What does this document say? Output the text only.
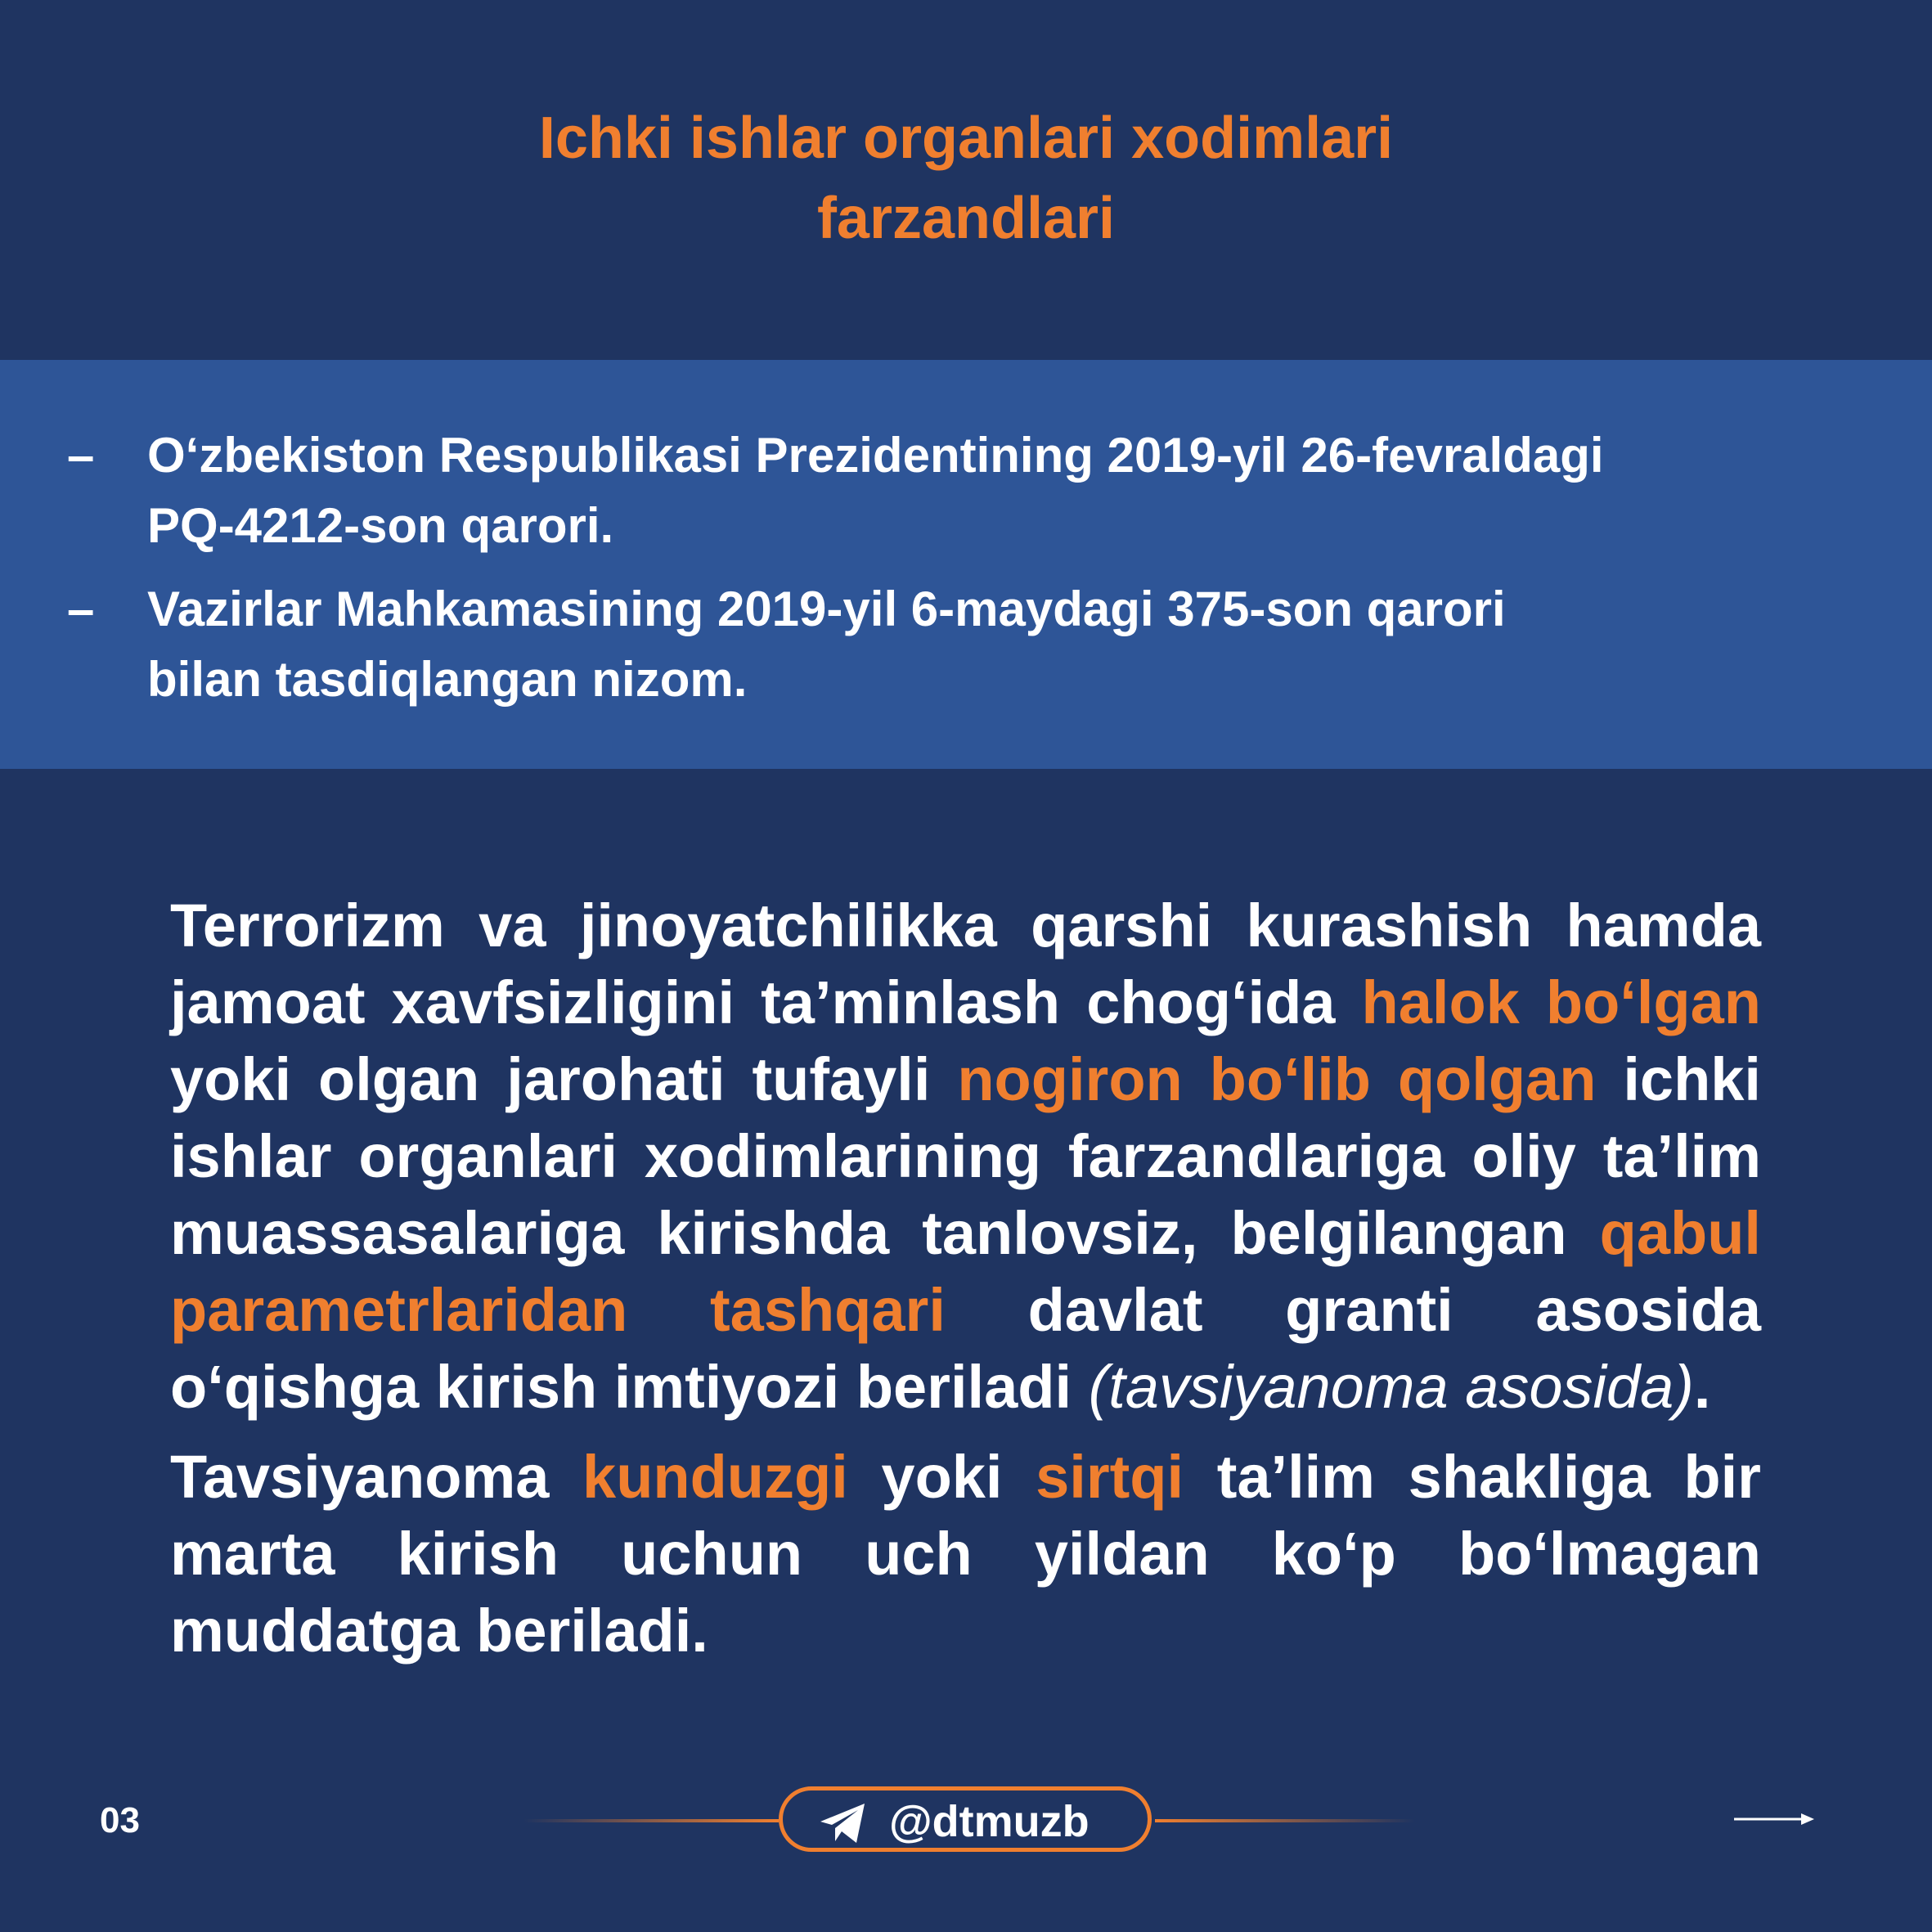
Ichki ishlar organlari xodimlari
farzandlari
– O‘zbekiston Respublikasi Prezidentining 2019-yil 26-fevraldagi
PQ-4212-son qarori.
– Vazirlar Mahkamasining 2019-yil 6-maydagi 375-son qarori
bilan tasdiqlangan nizom.

Terrorizm va jinoyatchilikka qarshi kurashish hamda jamoat xavfsizligini ta’minlash chog‘ida halok bo‘lgan yoki olgan jarohati tufayli nogiron bo‘lib qolgan ichki ishlar organlari xodimlarining farzandlariga oliy ta’lim muassasalariga kirishda tanlovsiz, belgilangan qabul parametrlaridan tashqari davlat granti asosida o‘qishga kirish imtiyozi beriladi (tavsiyanoma asosida).

Tavsiyanoma kunduzgi yoki sirtqi ta’lim shakliga bir marta kirish uchun uch yildan ko‘p bo‘lmagan muddatga beriladi.

03	@dtmuzb
